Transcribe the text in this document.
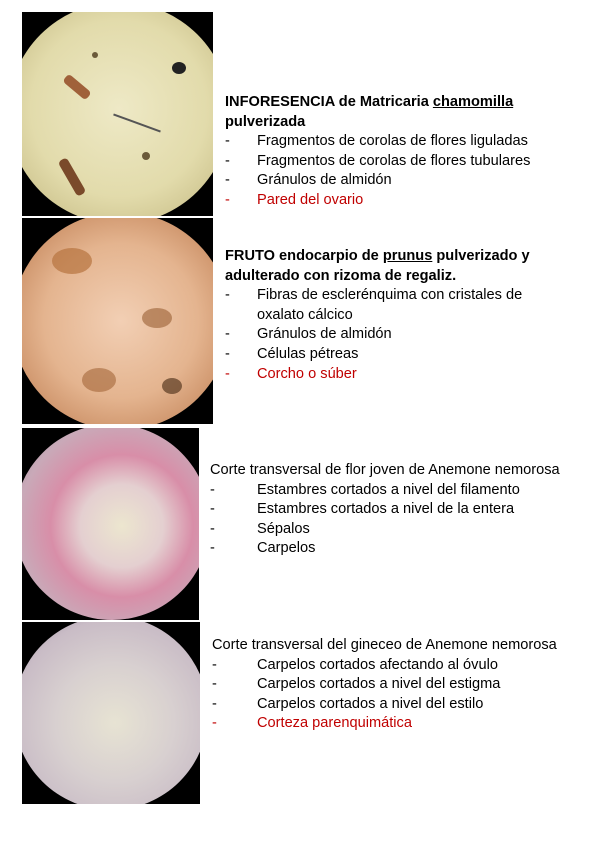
INFORESENCIA de Matricaria chamomilla pulverizada
-	Fragmentos de corolas de flores liguladas
-	Fragmentos de corolas de flores tubulares
-	Gránulos de almidón
-	Pared del ovario
FRUTO endocarpio de prunus pulverizado y adulterado con rizoma de regaliz.
-	Fibras de esclerénquima con cristales de oxalato cálcico
-	Gránulos de almidón
-	Células pétreas
-	Corcho o súber
Corte transversal de flor joven de Anemone nemorosa
-	Estambres cortados a nivel del filamento
-	Estambres cortados a nivel de la entera
-	Sépalos
-	Carpelos
Corte transversal del gineceo de Anemone nemorosa
-	Carpelos cortados afectando al óvulo
-	Carpelos cortados a nivel del estigma
-	Carpelos cortados a nivel del estilo
-	Corteza parenquimática
